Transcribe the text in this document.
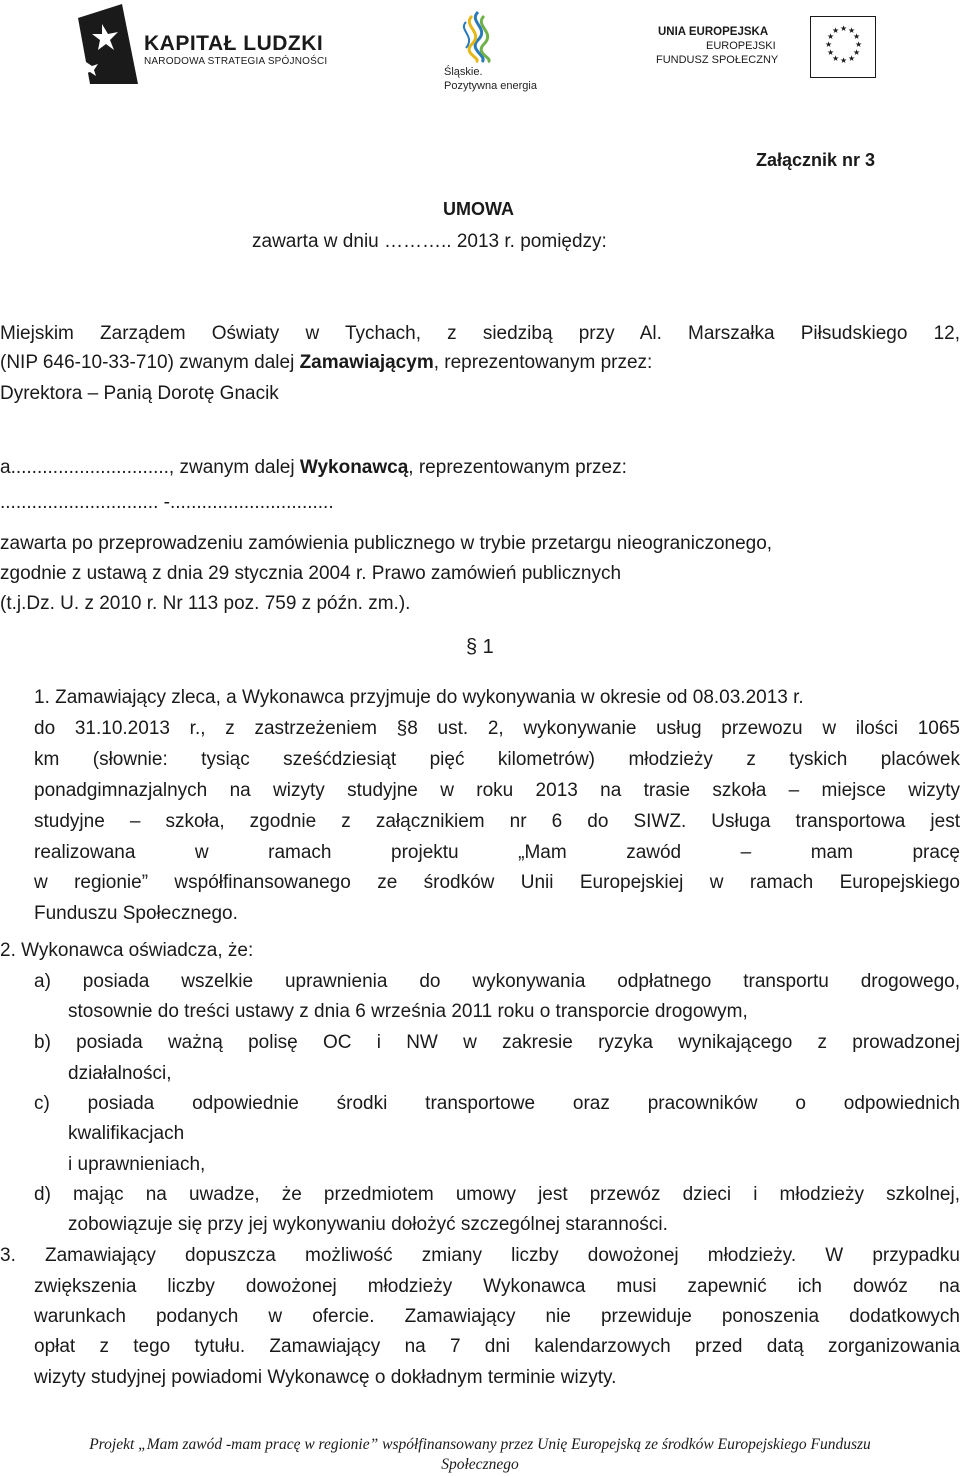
KAPITAŁ LUDZKI
NARODOWA STRATEGIA SPÓJNOŚCI
Śląskie.
Pozytywna energia
UNIA EUROPEJSKA
EUROPEJSKI
FUNDUSZ SPOŁECZNY
★ ★
★
★
★
★
★
★
★
★
★
★
Załącznik nr 3
UMOWA
zawarta w dniu ……….. 2013 r. pomiędzy:
Miejskim Zarządem Oświaty w Tychach, z siedzibą przy Al. Marszałka Piłsudskiego 12,
(NIP 646-10-33-710) zwanym dalej Zamawiającym, reprezentowanym przez:
Dyrektora – Panią Dorotę Gnacik
a.............................., zwanym dalej Wykonawcą, reprezentowanym przez:
.............................. -...............................
zawarta po przeprowadzeniu zamówienia publicznego w trybie przetargu nieograniczonego,
zgodnie z ustawą z dnia 29 stycznia 2004 r. Prawo zamówień publicznych
(t.j.Dz. U. z 2010 r. Nr 113 poz. 759 z późn. zm.).
§ 1
1. Zamawiający zleca, a Wykonawca przyjmuje do wykonywania w okresie od 08.03.2013 r.
do 31.10.2013 r., z zastrzeżeniem §8 ust. 2, wykonywanie usług przewozu w ilości 1065
km (słownie: tysiąc sześćdziesiąt pięć kilometrów) młodzieży z tyskich placówek
ponadgimnazjalnych na wizyty studyjne w roku 2013 na trasie szkoła – miejsce wizyty
studyjne – szkoła, zgodnie z załącznikiem nr 6 do SIWZ. Usługa transportowa jest
realizowana w ramach projektu „Mam zawód – mam pracę
w regionie” współfinansowanego ze środków Unii Europejskiej w ramach Europejskiego
Funduszu Społecznego.
2. Wykonawca oświadcza, że:
a) posiada wszelkie uprawnienia do wykonywania odpłatnego transportu drogowego,
stosownie do treści ustawy z dnia 6 września 2011 roku o transporcie drogowym,
b) posiada ważną polisę OC i NW w zakresie ryzyka wynikającego z prowadzonej
działalności,
c) posiada odpowiednie środki transportowe oraz pracowników o odpowiednich
kwalifikacjach
i uprawnieniach,
d) mając na uwadze, że przedmiotem umowy jest przewóz dzieci i młodzieży szkolnej,
zobowiązuje się przy jej wykonywaniu dołożyć szczególnej staranności.
3. Zamawiający dopuszcza możliwość zmiany liczby dowożonej młodzieży. W przypadku
zwiększenia liczby dowożonej młodzieży Wykonawca musi zapewnić ich dowóz na
warunkach podanych w ofercie. Zamawiający nie przewiduje ponoszenia dodatkowych
opłat z tego tytułu. Zamawiający na 7 dni kalendarzowych przed datą zorganizowania
wizyty studyjnej powiadomi Wykonawcę o dokładnym terminie wizyty.
Projekt „Mam zawód -mam pracę w regionie” współfinansowany przez Unię Europejską ze środków Europejskiego Funduszu
Społecznego
